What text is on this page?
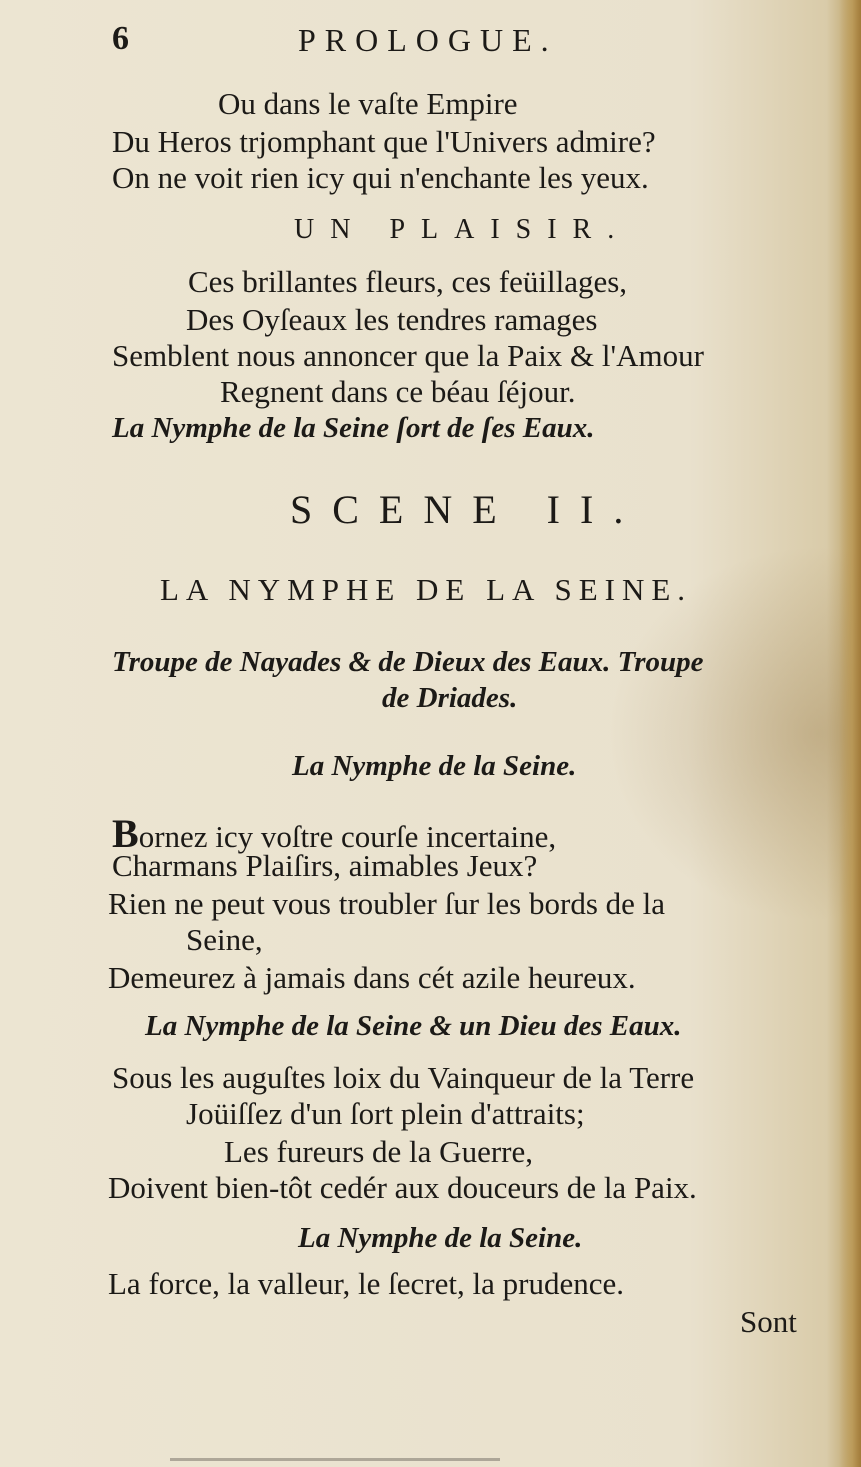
6	PROLOGUE.
Ou dans le vaſte Empire
Du Heros trjomphant que l'Univers admire?
On ne voit rien icy qui n'enchante les yeux.
UN PLAISIR.
Ces brillantes fleurs, ces feüillages,
Des Oyſeaux les tendres ramages
Semblent nous annoncer que la Paix & l'Amour
Regnent dans ce béau ſéjour.
La Nymphe de la Seine ſort de ſes Eaux.
SCENE II.
LA NYMPHE DE LA SEINE.
Troupe de Nayades & de Dieux des Eaux. Troupe
de Driades.
La Nymphe de la Seine.
Bornez icy voſtre courſe incertaine,
Charmans Plaiſirs, aimables Jeux?
Rien ne peut vous troubler ſur les bords de la
Seine,
Demeurez à jamais dans cét azile heureux.
La Nymphe de la Seine & un Dieu des Eaux.
Sous les auguſtes loix du Vainqueur de la Terre
Joüiſſez d'un ſort plein d'attraits;
Les fureurs de la Guerre,
Doivent bien-tôt cedér aux douceurs de la Paix.
La Nymphe de la Seine.
La force, la valleur, le ſecret, la prudence.
Sont
